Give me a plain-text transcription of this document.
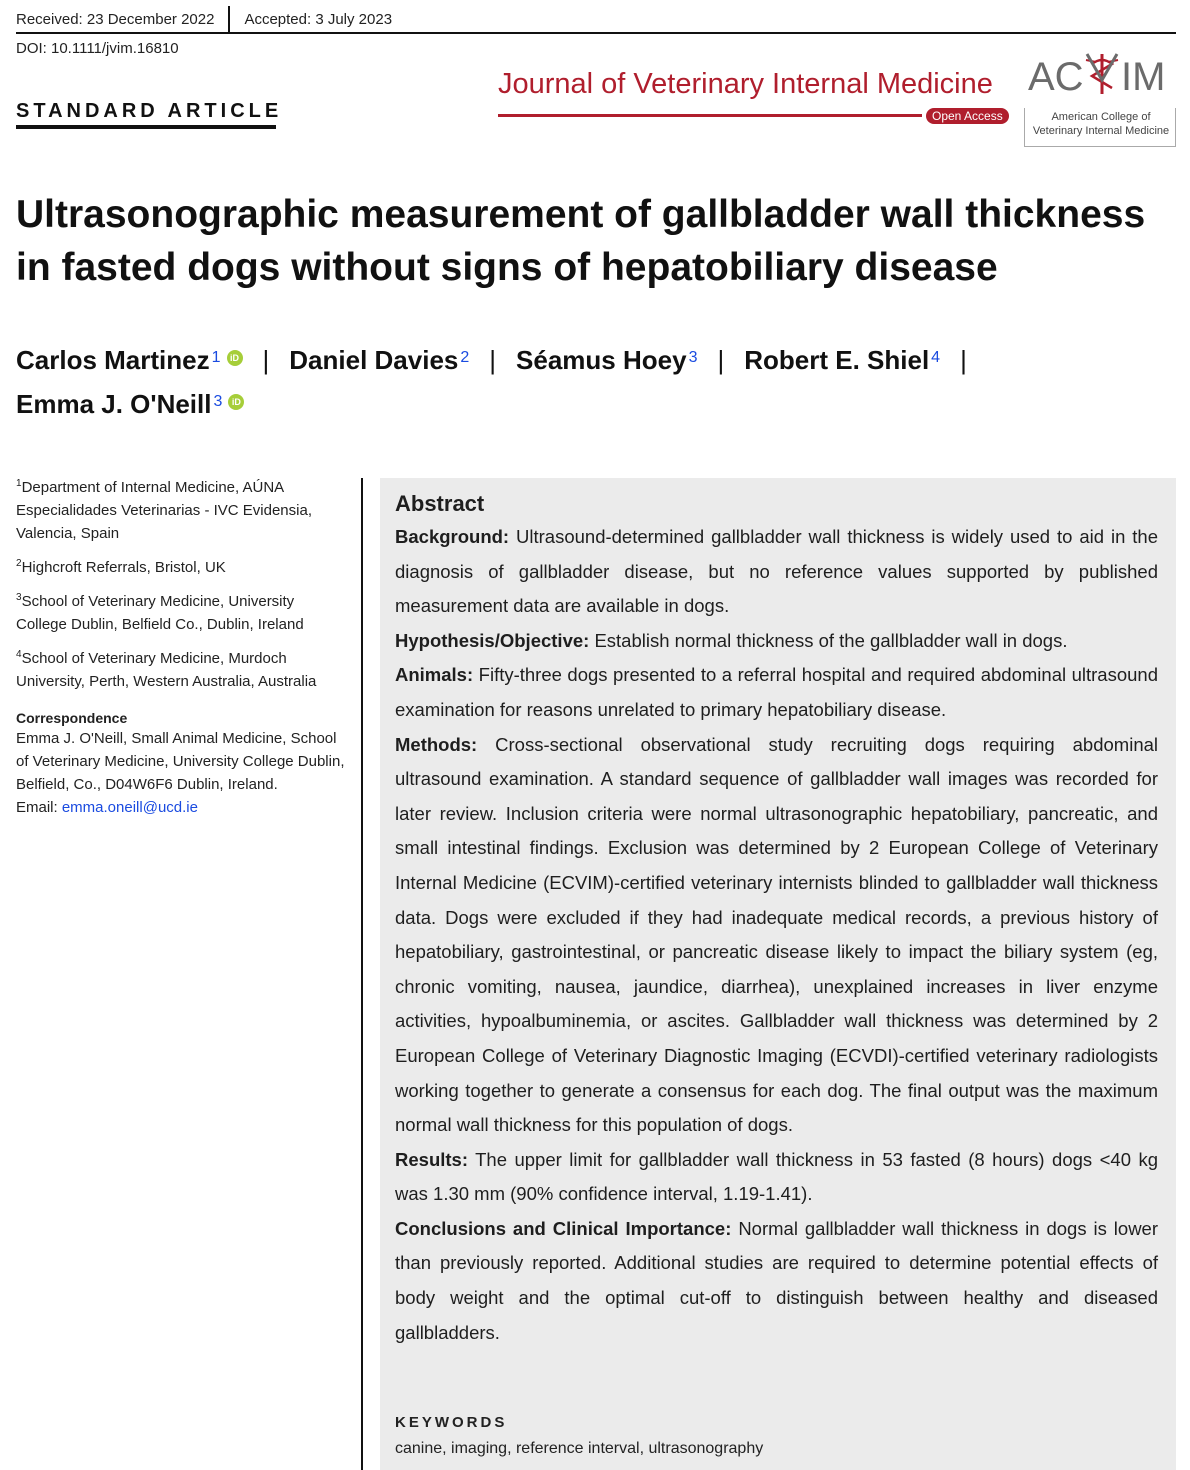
Received: 23 December 2022 Accepted: 3 July 2023
DOI: 10.1111/jvim.16810
STANDARD ARTICLE
Journal of Veterinary Internal Medicine
Open Access
AC IM
American College of
Veterinary Internal Medicine
Ultrasonographic measurement of gallbladder wall thickness
in fasted dogs without signs of hepatobiliary disease
Carlos Martinez $^1$ iD | Daniel Davies $^2$ | Séamus Hoey $^3$ | Robert E. Shiel $^4$ |
Emma J. O'Neill $^3$ iD
$^1$Department of Internal Medicine, AÚNA Especialidades Veterinarias - IVC Evidensia, Valencia, Spain
$^2$Highcroft Referrals, Bristol, UK
$^3$School of Veterinary Medicine, University College Dublin, Belfield Co., Dublin, Ireland
$^4$School of Veterinary Medicine, Murdoch University, Perth, Western Australia, Australia
Correspondence
Emma J. O'Neill, Small Animal Medicine, School of Veterinary Medicine, University College Dublin, Belfield, Co., D04W6F6 Dublin, Ireland.
Email: emma.oneill@ucd.ie
Abstract
Background: Ultrasound-determined gallbladder wall thickness is widely used to aid in the diagnosis of gallbladder disease, but no reference values supported by published measurement data are available in dogs.
Hypothesis/Objective: Establish normal thickness of the gallbladder wall in dogs.
Animals: Fifty-three dogs presented to a referral hospital and required abdominal ultrasound examination for reasons unrelated to primary hepatobiliary disease.
Methods: Cross-sectional observational study recruiting dogs requiring abdominal ultrasound examination. A standard sequence of gallbladder wall images was recorded for later review. Inclusion criteria were normal ultrasonographic hepatobiliary, pancreatic, and small intestinal findings. Exclusion was determined by 2 European College of Veterinary Internal Medicine (ECVIM)-certified veterinary internists blinded to gallbladder wall thickness data. Dogs were excluded if they had inadequate medical records, a previous history of hepatobiliary, gastrointestinal, or pancreatic disease likely to impact the biliary system (eg, chronic vomiting, nausea, jaundice, diarrhea), unexplained increases in liver enzyme activities, hypoalbuminemia, or ascites. Gallbladder wall thickness was determined by 2 European College of Veterinary Diagnostic Imaging (ECVDI)-certified veterinary radiologists working together to generate a consensus for each dog. The final output was the maximum normal wall thickness for this population of dogs.
Results: The upper limit for gallbladder wall thickness in 53 fasted (8 hours) dogs <40 kg was 1.30 mm (90% confidence interval, 1.19-1.41).
Conclusions and Clinical Importance: Normal gallbladder wall thickness in dogs is lower than previously reported. Additional studies are required to determine potential effects of body weight and the optimal cut-off to distinguish between healthy and diseased gallbladders.
KEYWORDS
canine, imaging, reference interval, ultrasonography
